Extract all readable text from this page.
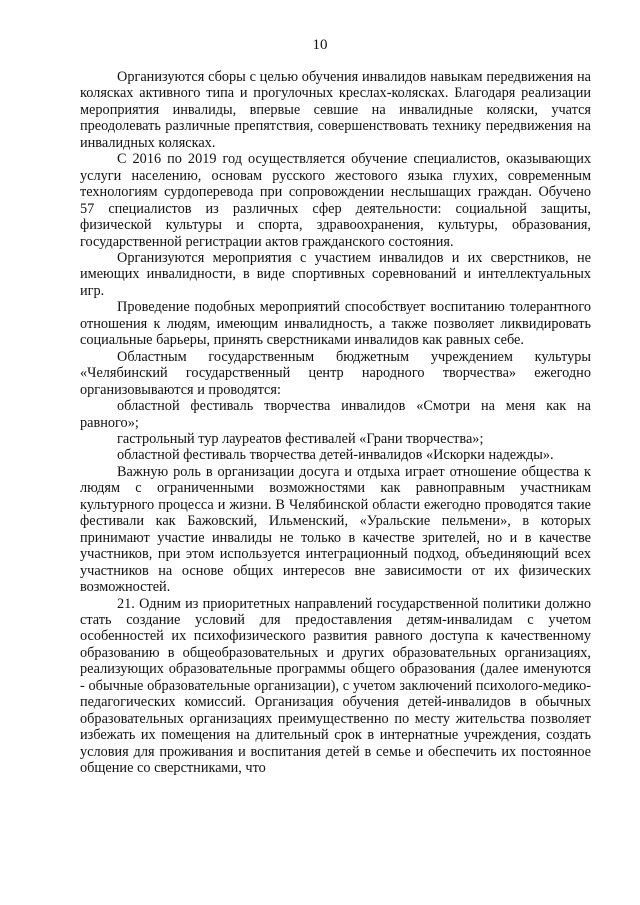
10

Организуются сборы с целью обучения инвалидов навыкам передвижения на колясках активного типа и прогулочных креслах-колясках. Благодаря реализации мероприятия инвалиды, впервые севшие на инвалидные коляски, учатся преодолевать различные препятствия, совершенствовать технику передвижения на инвалидных колясках.

С 2016 по 2019 год осуществляется обучение специалистов, оказывающих услуги населению, основам русского жестового языка глухих, современным технологиям сурдоперевода при сопровождении неслышащих граждан. Обучено 57 специалистов из различных сфер деятельности: социальной защиты, физической культуры и спорта, здравоохранения, культуры, образования, государственной регистрации актов гражданского состояния.

Организуются мероприятия с участием инвалидов и их сверстников, не имеющих инвалидности, в виде спортивных соревнований и интеллектуальных игр.

Проведение подобных мероприятий способствует воспитанию толерантного отношения к людям, имеющим инвалидность, а также позволяет ликвидировать социальные барьеры, принять сверстниками инвалидов как равных себе.

Областным государственным бюджетным учреждением культуры «Челябинский государственный центр народного творчества» ежегодно организовываются и проводятся:

областной фестиваль творчества инвалидов «Смотри на меня как на равного»;

гастрольный тур лауреатов фестивалей «Грани творчества»;

областной фестиваль творчества детей-инвалидов «Искорки надежды».

Важную роль в организации досуга и отдыха играет отношение общества к людям с ограниченными возможностями как равноправным участникам культурного процесса и жизни. В Челябинской области ежегодно проводятся такие фестивали как Бажовский, Ильменский, «Уральские пельмени», в которых принимают участие инвалиды не только в качестве зрителей, но и в качестве участников, при этом используется интеграционный подход, объединяющий всех участников на основе общих интересов вне зависимости от их физических возможностей.

21. Одним из приоритетных направлений государственной политики должно стать создание условий для предоставления детям-инвалидам с учетом особенностей их психофизического развития равного доступа к качественному образованию в общеобразовательных и других образовательных организациях, реализующих образовательные программы общего образования (далее именуются - обычные образовательные организации), с учетом заключений психолого-медико-педагогических комиссий. Организация обучения детей-инвалидов в обычных образовательных организациях преимущественно по месту жительства позволяет избежать их помещения на длительный срок в интернатные учреждения, создать условия для проживания и воспитания детей в семье и обеспечить их постоянное общение со сверстниками, что
